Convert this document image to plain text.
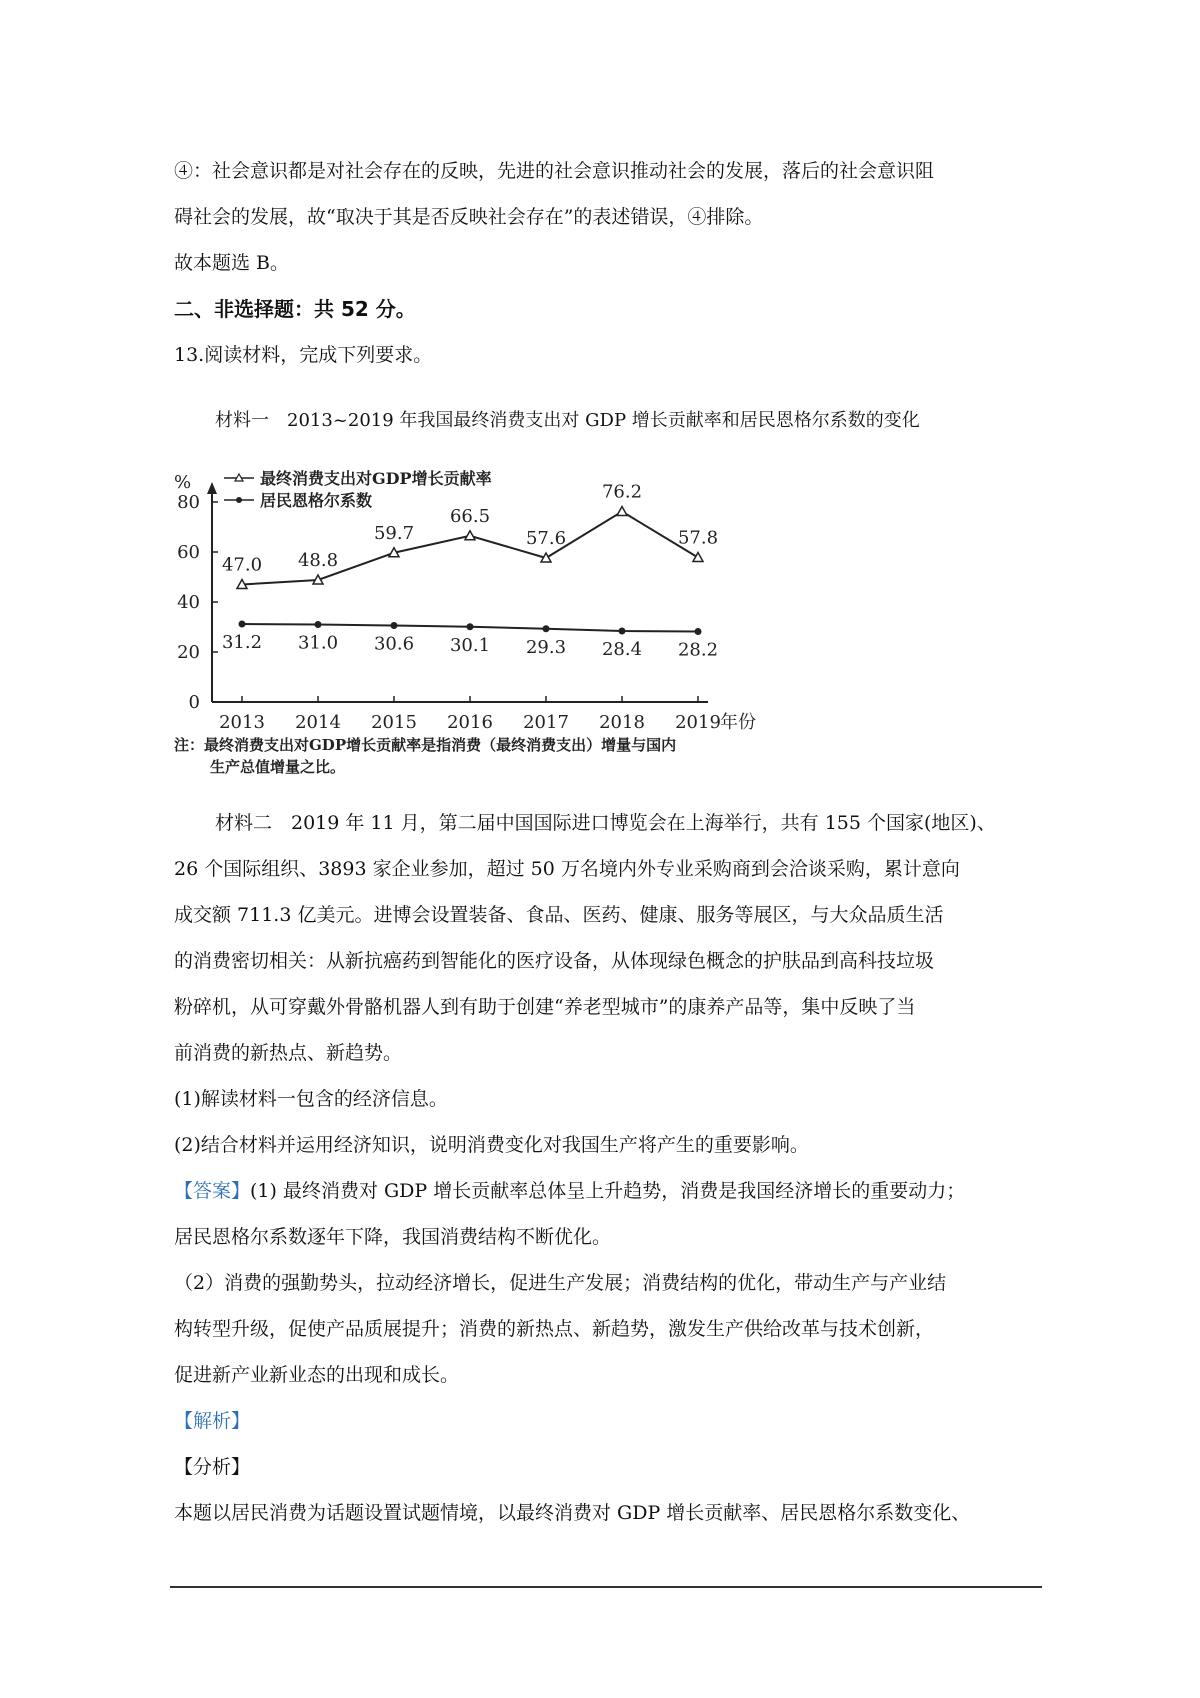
④：社会意识都是对社会存在的反映，先进的社会意识推动社会的发展，落后的社会意识阻
碍社会的发展，故“取决于其是否反映社会存在”的表述错误，④排除。
故本题选 B。
二、非选择题：共 52 分。
13.阅读材料，完成下列要求。
材料一　2013~2019 年我国最终消费支出对 GDP 增长贡献率和居民恩格尔系数的变化
%
0
20
40
60
80
2013 2014 2015 2016 2017 2018 2019 年份
47.0 48.8
59.7
66.5
57.6
76.2
57.8
31.2 31.0 30.6 30.1 29.3 28.4 28.2
最终消费支出对GDP增长贡献率
居民恩格尔系数
注：最终消费支出对GDP增长贡献率是指消费（最终消费支出）增量与国内
生产总值增量之比。
材料二　2019 年 11 月，第二届中国国际进口博览会在上海举行，共有 155 个国家(地区)、
26 个国际组织、3893 家企业参加，超过 50 万名境内外专业采购商到会洽谈采购，累计意向
成交额 711.3 亿美元。进博会设置装备、食品、医药、健康、服务等展区，与大众品质生活
的消费密切相关：从新抗癌药到智能化的医疗设备，从体现绿色概念的护肤品到高科技垃圾
粉碎机，从可穿戴外骨骼机器人到有助于创建“养老型城市”的康养产品等，集中反映了当
前消费的新热点、新趋势。
(1)解读材料一包含的经济信息。
(2)结合材料并运用经济知识，说明消费变化对我国生产将产生的重要影响。
【答案】(1) 最终消费对 GDP 增长贡献率总体呈上升趋势，消费是我国经济增长的重要动力；
居民恩格尔系数逐年下降，我国消费结构不断优化。
（2）消费的强勤势头，拉动经济增长，促进生产发展；消费结构的优化，带动生产与产业结
构转型升级，促使产品质展提升；消费的新热点、新趋势，激发生产供给改革与技术创新，
促进新产业新业态的出现和成长。
【解析】
【分析】
本题以居民消费为话题设置试题情境，以最终消费对 GDP 增长贡献率、居民恩格尔系数变化、
